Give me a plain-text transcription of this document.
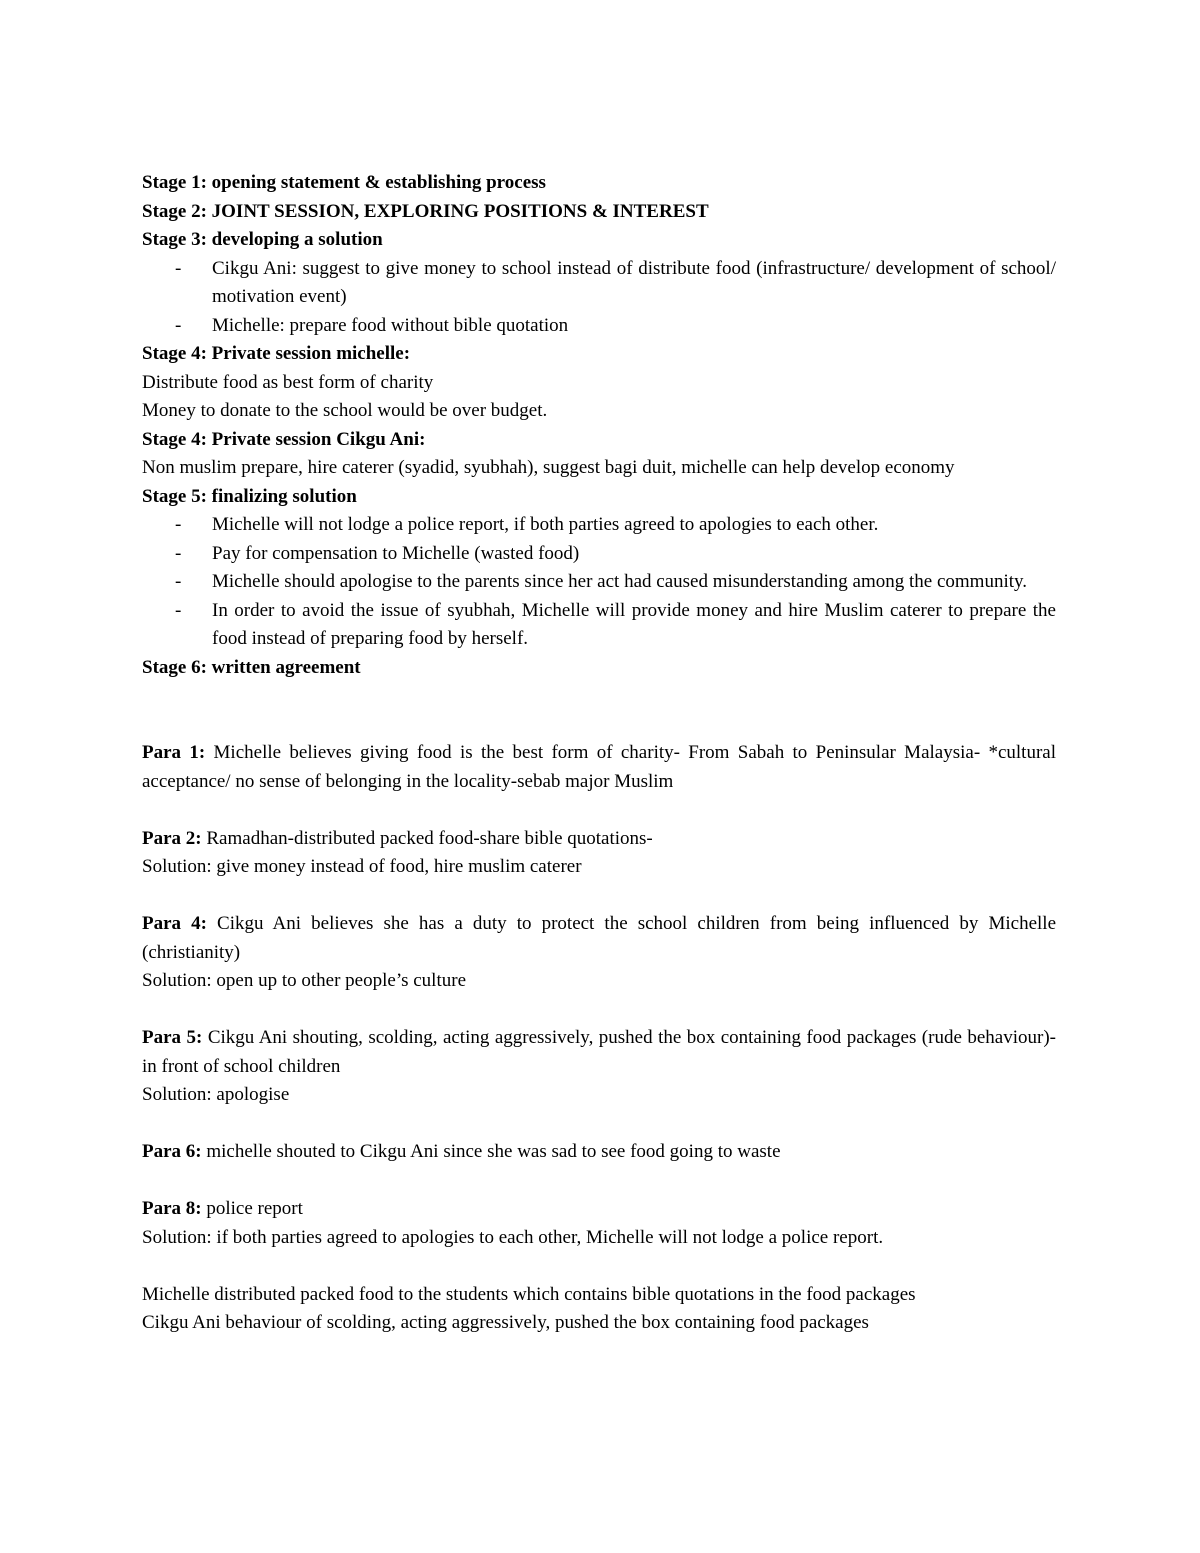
Stage 1: opening statement & establishing process
Stage 2: JOINT SESSION, EXPLORING POSITIONS & INTEREST
Stage 3: developing a solution
-	Cikgu Ani: suggest to give money to school instead of distribute food (infrastructure/ development of school/ motivation event)
-	Michelle: prepare food without bible quotation
Stage 4: Private session michelle:
Distribute food as best form of charity
Money to donate to the school would be over budget.
Stage 4: Private session Cikgu Ani:
Non muslim prepare, hire caterer (syadid, syubhah), suggest bagi duit, michelle can help develop economy
Stage 5: finalizing solution
-	Michelle will not lodge a police report, if both parties agreed to apologies to each other.
-	Pay for compensation to Michelle (wasted food)
-	Michelle should apologise to the parents since her act had caused misunderstanding among the community.
-	In order to avoid the issue of syubhah, Michelle will provide money and hire Muslim caterer to prepare the food instead of preparing food by herself.
Stage 6: written agreement
Para 1: Michelle believes giving food is the best form of charity- From Sabah to Peninsular Malaysia- *cultural acceptance/ no sense of belonging in the locality-sebab major Muslim
Para 2: Ramadhan-distributed packed food-share bible quotations-
Solution: give money instead of food, hire muslim caterer
Para 4: Cikgu Ani believes she has a duty to protect the school children from being influenced by Michelle (christianity)
Solution: open up to other people’s culture
Para 5: Cikgu Ani shouting, scolding, acting aggressively, pushed the box containing food packages (rude behaviour)- in front of school children
Solution: apologise
Para 6: michelle shouted to Cikgu Ani since she was sad to see food going to waste
Para 8: police report
Solution: if both parties agreed to apologies to each other, Michelle will not lodge a police report.
Michelle distributed packed food to the students which contains bible quotations in the food packages
Cikgu Ani behaviour of scolding, acting aggressively, pushed the box containing food packages
